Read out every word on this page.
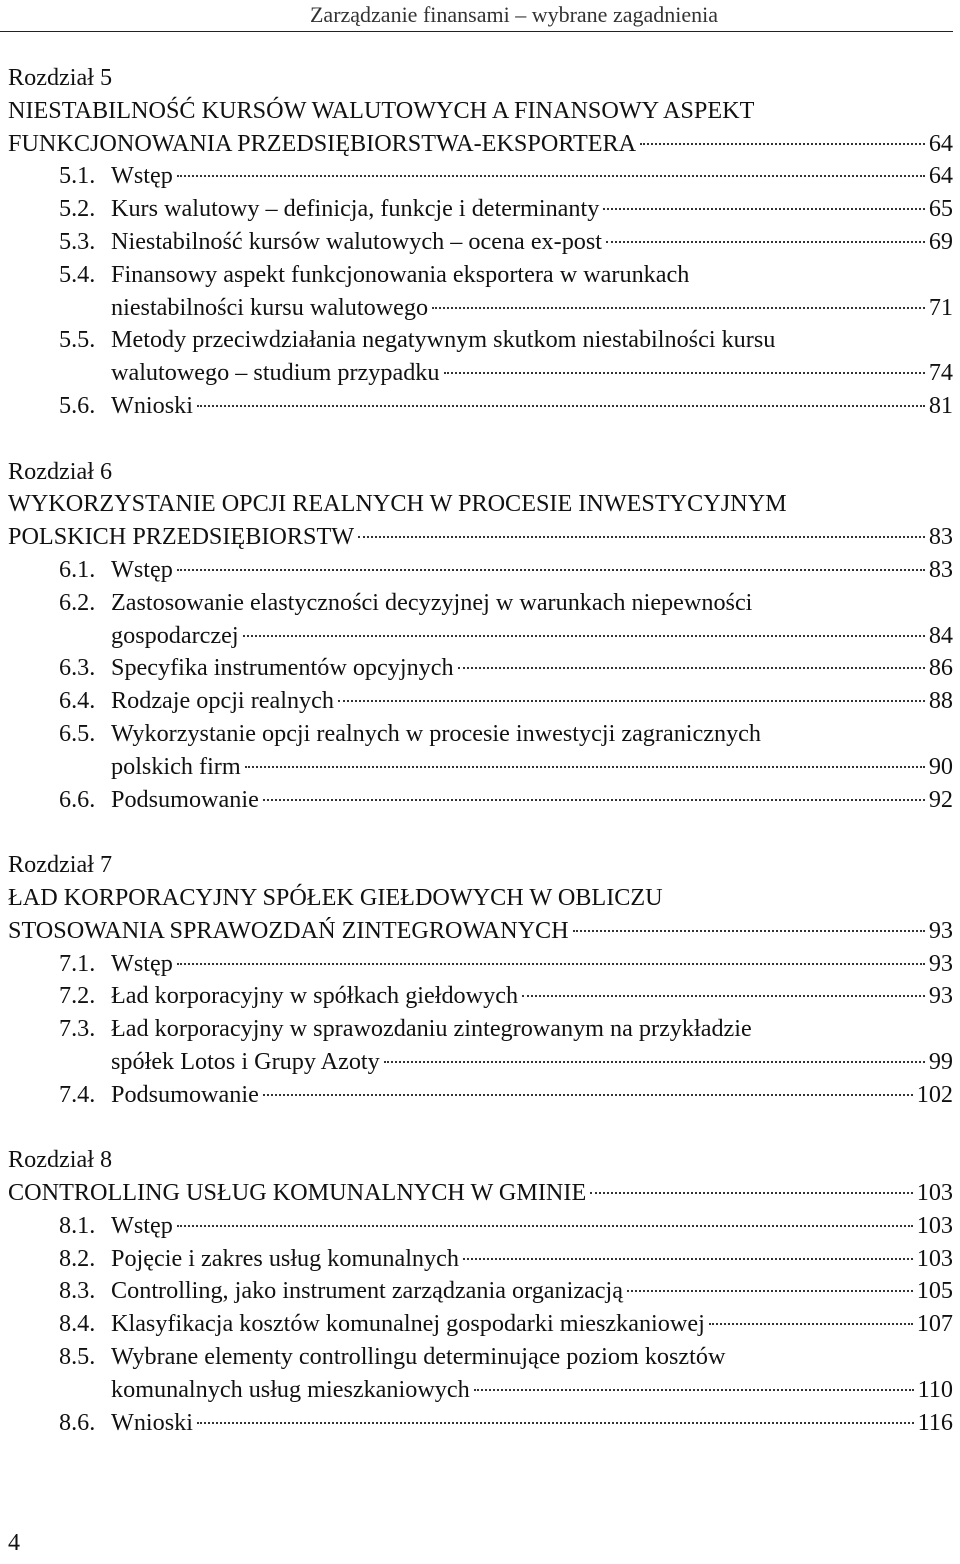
Zarządzanie finansami – wybrane zagadnienia
Rozdział 5
NIESTABILNOŚĆ KURSÓW WALUTOWYCH A FINANSOWY ASPEKT
FUNKCJONOWANIA PRZEDSIĘBIORSTWA-EKSPORTERA	64
5.1. Wstęp	64
5.2. Kurs walutowy – definicja, funkcje i determinanty	65
5.3. Niestabilność kursów walutowych – ocena ex-post	69
5.4. Finansowy aspekt funkcjonowania eksportera w warunkach
niestabilności kursu walutowego	71
5.5. Metody przeciwdziałania negatywnym skutkom niestabilności kursu
walutowego – studium przypadku	74
5.6. Wnioski	81
Rozdział 6
WYKORZYSTANIE OPCJI REALNYCH W PROCESIE INWESTYCYJNYM
POLSKICH PRZEDSIĘBIORSTW	83
6.1. Wstęp	83
6.2. Zastosowanie elastyczności decyzyjnej w warunkach niepewności
gospodarczej	84
6.3. Specyfika instrumentów opcyjnych	86
6.4. Rodzaje opcji realnych	88
6.5. Wykorzystanie opcji realnych w procesie inwestycji zagranicznych
polskich firm	90
6.6. Podsumowanie	92
Rozdział 7
ŁAD KORPORACYJNY SPÓŁEK GIEŁDOWYCH W OBLICZU
STOSOWANIA SPRAWOZDAŃ ZINTEGROWANYCH	93
7.1. Wstęp	93
7.2. Ład korporacyjny w spółkach giełdowych	93
7.3. Ład korporacyjny w sprawozdaniu zintegrowanym na przykładzie
spółek Lotos i Grupy Azoty	99
7.4. Podsumowanie	102
Rozdział 8
CONTROLLING USŁUG KOMUNALNYCH W GMINIE	103
8.1. Wstęp	103
8.2. Pojęcie i zakres usług komunalnych	103
8.3. Controlling, jako instrument zarządzania organizacją	105
8.4. Klasyfikacja kosztów komunalnej gospodarki mieszkaniowej	107
8.5. Wybrane elementy controllingu determinujące poziom kosztów
komunalnych usług mieszkaniowych	110
8.6. Wnioski	116
4
